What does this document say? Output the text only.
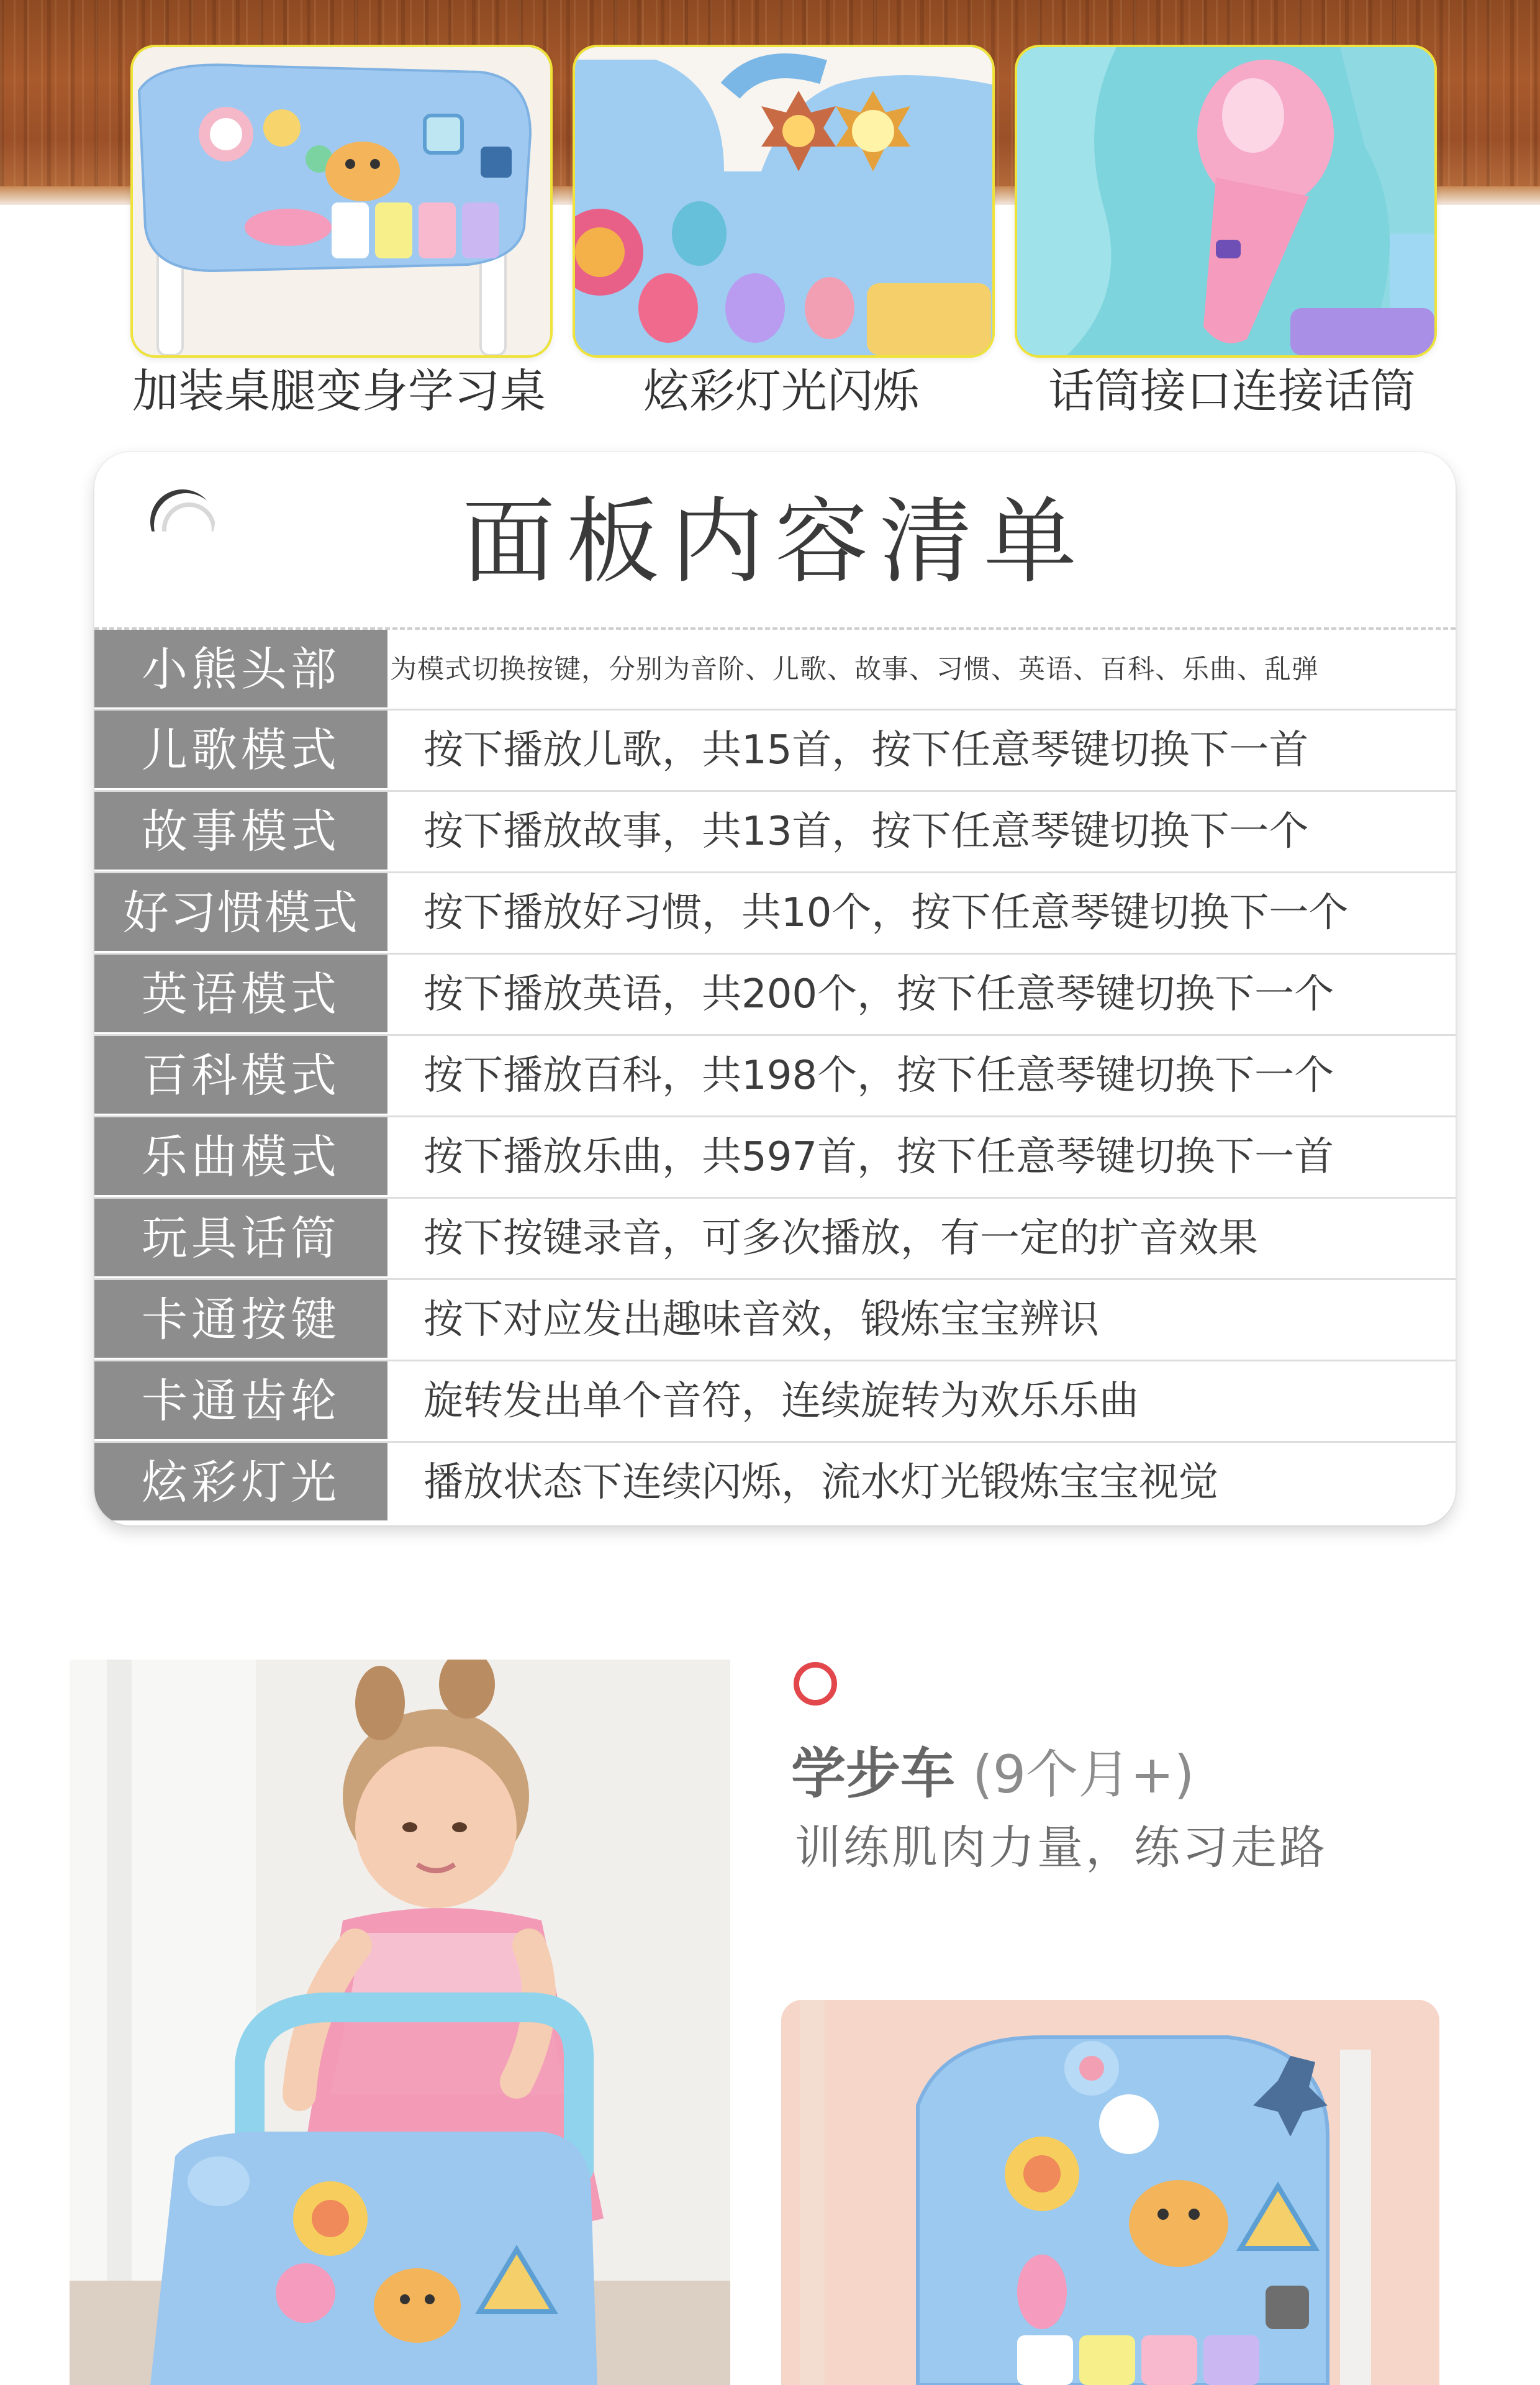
加装桌腿变身学习桌	炫彩灯光闪烁	话筒接口连接话筒
面板内容清单
小熊头部	为模式切换按键，分别为音阶、儿歌、故事、习惯、英语、百科、乐曲、乱弹
儿歌模式	按下播放儿歌，共15首，按下任意琴键切换下一首
故事模式	按下播放故事，共13首，按下任意琴键切换下一个
好习惯模式	按下播放好习惯，共10个，按下任意琴键切换下一个
英语模式	按下播放英语，共200个，按下任意琴键切换下一个
百科模式	按下播放百科，共198个，按下任意琴键切换下一个
乐曲模式	按下播放乐曲，共597首，按下任意琴键切换下一首
玩具话筒	按下按键录音，可多次播放，有一定的扩音效果
卡通按键	按下对应发出趣味音效，锻炼宝宝辨识
卡通齿轮	旋转发出单个音符，连续旋转为欢乐乐曲
炫彩灯光	播放状态下连续闪烁，流水灯光锻炼宝宝视觉
学步车 (9个月+)
训练肌肉力量，练习走路
